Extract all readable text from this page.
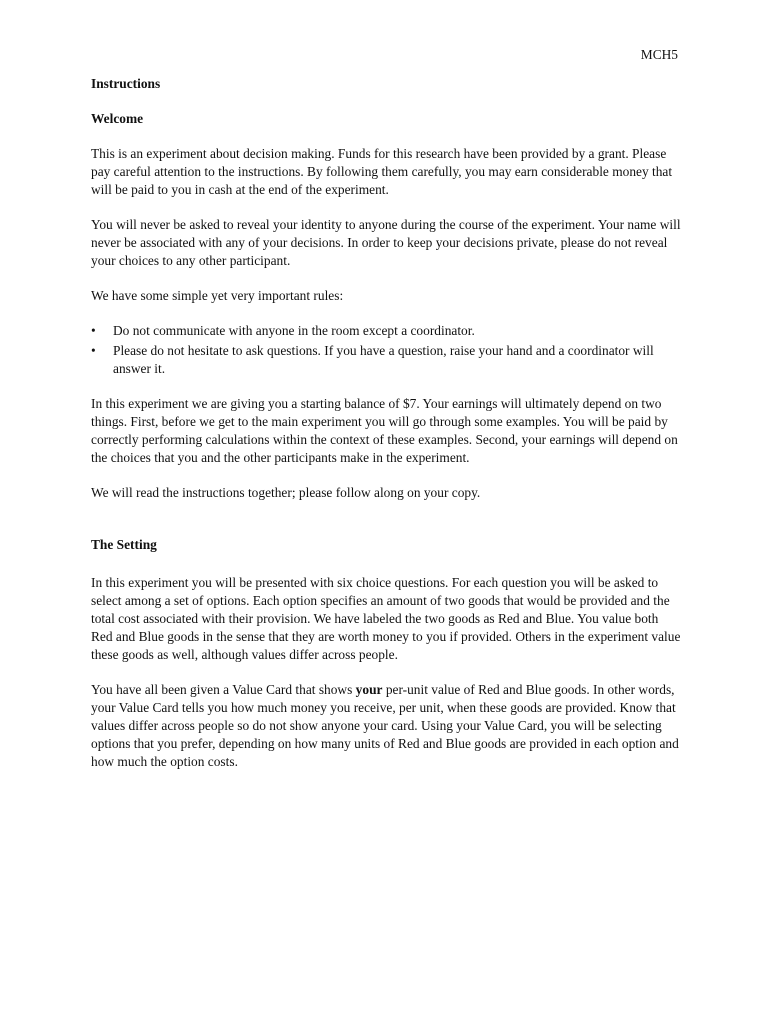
MCH5
Instructions
Welcome

This is an experiment about decision making. Funds for this research have been provided by a grant. Please pay careful attention to the instructions. By following them carefully, you may earn considerable money that will be paid to you in cash at the end of the experiment.

You will never be asked to reveal your identity to anyone during the course of the experiment. Your name will never be associated with any of your decisions. In order to keep your decisions private, please do not reveal your choices to any other participant.

We have some simple yet very important rules:

• Do not communicate with anyone in the room except a coordinator.
• Please do not hesitate to ask questions. If you have a question, raise your hand and a coordinator will answer it.

In this experiment we are giving you a starting balance of $7. Your earnings will ultimately depend on two things. First, before we get to the main experiment you will go through some examples. You will be paid by correctly performing calculations within the context of these examples. Second, your earnings will depend on the choices that you and the other participants make in the experiment.

We will read the instructions together; please follow along on your copy.

The Setting

In this experiment you will be presented with six choice questions. For each question you will be asked to select among a set of options. Each option specifies an amount of two goods that would be provided and the total cost associated with their provision. We have labeled the two goods as Red and Blue. You value both Red and Blue goods in the sense that they are worth money to you if provided. Others in the experiment value these goods as well, although values differ across people.

You have all been given a Value Card that shows your per-unit value of Red and Blue goods. In other words, your Value Card tells you how much money you receive, per unit, when these goods are provided. Know that values differ across people so do not show anyone your card. Using your Value Card, you will be selecting options that you prefer, depending on how many units of Red and Blue goods are provided in each option and how much the option costs.
